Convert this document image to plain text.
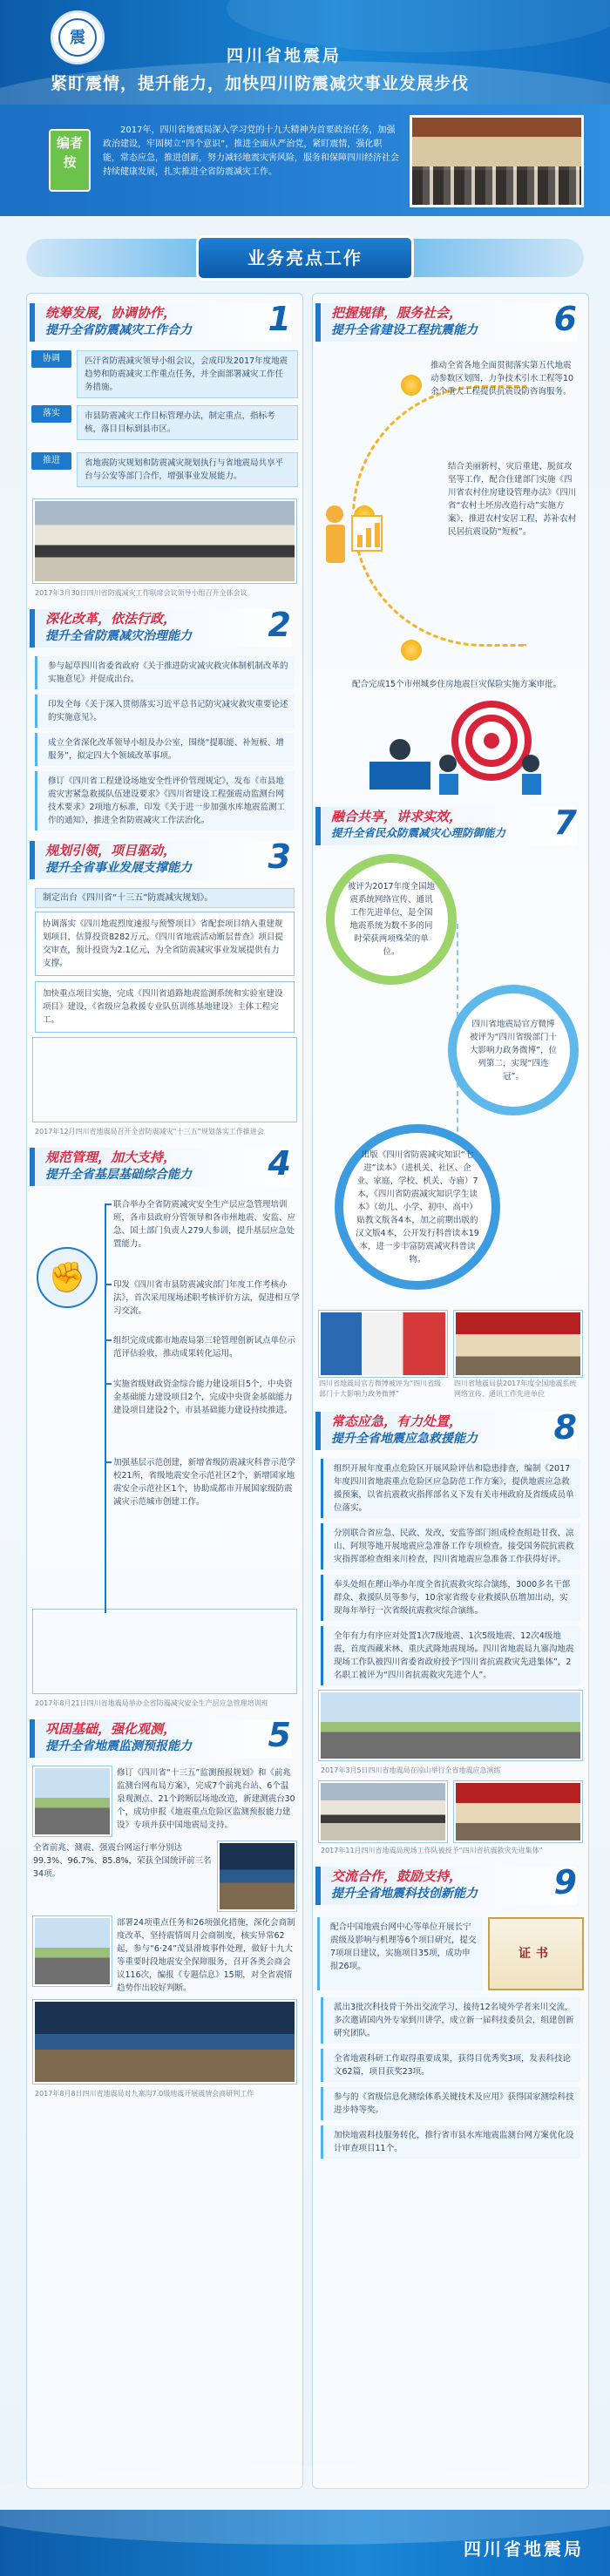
震
四川省地震局
紧盯震情，提升能力，加快四川防震减灾事业发展步伐
编者按
2017年，四川省地震局深入学习党的十九大精神为首要政治任务，加强政治建设，牢固树立“四个意识”，推进全面从严治党，紧盯震情，强化职能，常态应急，推进创新，努力减轻地震灾害风险，服务和保障四川经济社会持续健康发展，扎实推进全省防震减灾工作。
业务亮点工作
统筹发展，协调协作，
提升全省防震减灾工作合力 1
协调	匹汗省防震减灾领导小组会议，会成印发2017年度地震趋势和防震减灾工作重点任务，并全面部署减灾工作任务措施。
落实	市县防震减灾工作目标管理办法，制定重点，指标考核，落目目标到县市区。
推进	省地震防灾规划和防震减灾规划执行与省地震局共享平台与公安等部门合作，增强事业发展能力。
2017年3月30日四川省防震减灾工作联席会议领导小组召开全体会议
深化改革，依法行政，
提升全省防震减灾治理能力 2
参与起草四川省委省政府《关于推进防灾减灾救灾体制机制改革的实施意见》并促成出台。
印发全每《关于深入贯彻落实习近平总书记防灾减灾救灾重要论述的实施意见》。
成立全省深化改革领导小组及办公室，围绕“提职能、补短板、增服务”，拟定四大个领域改革事项。
修订《四川省工程建设场地安全性评价管理规定》，发布《市县地震灾害紧急救援队伍建设要求》《四川省建设工程强震动监测台网技术要求》2项地方标准，印发《关于进一步加强水库地震监测工作的通知》，推进全省防震减灾工作法治化。
规划引领，项目驱动，
提升全省事业发展支撑能力 3
制定出台《四川省“十三五”防震减灾规划》。
协调落实《四川地震烈度速报与预警项目》省配套项目纳入重建规划项目，估算投资8282万元，《四川省地震活动断层普查》项目提交审查，预计投资为2.1亿元，为全省防震减灾事业发展提供有力支撑。
加快重点项目实施，完成《四川省道路地震监测系统和实验室建设项目》建设，《省级应急救援专业队伍训练基地建设》主体工程完工。
2017年12月四川省地震局召开全省防震减灾“十三五”规划落实工作推进会
规范管理，加大支持，
提升全省基层基础综合能力 4
✊
联合举办全省防震减灾安全生产层应急管理培训班，各市县政府分管领导和各市州地震、安监、应急、国土部门负责人279人参训，提升基层应急处置能力。
印发《四川省市县防震减灾部门年度工作考核办法》，首次采用现场述职考核评价方法，促进相互学习交流。
组织完成成都市地震局第三轮管理创新试点单位示范评估验收，推动成果转化运用。
实施省级财政资金综合能力建设项目5个，中央资金基础能力建设项目2个，完成中央资金基础能力建设项目建设2个，市县基础能力建设持续推进。
加强基层示范创建，新增省级防震减灾科普示范学校21所，省级地震安全示范社区2个，新增国家地震安全示范社区1个，协助成都市开展国家级防震减灾示范城市创建工作。
2017年8月21日四川省地震局举办全省防震减灾安全生产层应急管理培训班
巩固基础，强化观测，
提升全省地震监测预报能力 5
修订《四川省“十三五”监测预报规划》和《前兆监测台网布局方案》，完成7个前兆台站、6个温泉观测点、21个跨断层场地改造，新建测震台30个，成功申报《地震重点危险区监测预报能力建设》专项并获中国地震局支持。
全省前兆、测震、强震台网运行率分别达99.3%、96.7%、85.8%，荣获全国统评前三名34项。
部署24项重点任务和26项强化措施，深化会商制度改革，坚持震情周月会商制度，核实异常62起，参与“6·24”茂县滑坡事件处理，做好十九大等重要时段地震安全保障服务，召开各类会商会议116次，编报《专题信息》15期，对全省震情趋势作出较好判断。
2017年8月8日四川省地震局对九寨沟7.0级地震开展震情会商研判工作
把握规律，服务社会，
提升全省建设工程抗震能力 6
推动全省各地全面贯彻落实第五代地震动参数区划图，力争技术引水工程等10余个重大工程提供抗震设防咨询服务。
结合美丽新村、灾后重建、脱贫攻坚等工作，配合住建部门实施《四川省农村住房建设管理办法》《四川省“农村土坯房改造行动”实施方案》，推进农村安居工程，苏补农村民居抗震设防“短板”。
配合完成15个市州城乡住房地震巨灾保险实施方案审批。
融合共享，讲求实效，
提升全省民众防震减灾心理防御能力 7
被评为2017年度全国地震系统网络宣传、通讯工作先进单位，是全国地震系统为数不多的同时荣获两项殊荣的单位。
四川省地震局官方微博被评为“四川省级部门十大影响力政务微博”，位列第二，实现“四连冠”。
出版《四川省防震减灾知识“七进”读本》（进机关、社区、企业、家庭、学校、机关、寺庙）7本，《四川省防震减灾知识学生读本》（幼儿、小学、初中、高中）贴教文版各4本，加之前期出版的汉文版4本，公开发行科普读本19本，进一步丰富防震减灾科普读物。
四川省地震局官方微博被评为“四川省级部门十大影响力政务微博”
四川省地震局获2017年度全国地震系统网络宣传、通讯工作先进单位
常态应急，有力处置，
提升全省地震应急救援能力 8
组织开展年度重点危险区开展风险评估和隐患排查，编制《2017年度四川省地震重点危险区应急防范工作方案》，提供地震应急救援预案，以省抗震救灾指挥部名义下发有关市州政府及省级成员单位落实。
分别联合省应急、民政、发改、安监等部门组成检查组赴甘孜、凉山、阿坝等地开展地震应急准备工作专项检查。接受国务院抗震救灾指挥部检查组来川检查，四川省地震应急准备工作获得好评。
奉头处组在理山举办年度全省抗震救灾综合演练，3000多名干部群众、救援队员等参与，10余家省级专业救援队伍增加出动，实现每年举行一次省级抗震救灾综合演练。
全年有力有序应对处置1次7级地震、1次5级地震、12次4级地震，首度西藏米林、重庆武隆地震现场。四川省地震局九寨沟地震现场工作队被四川省委省政府授予“四川省抗震救灾先进集体”，2名职工被评为“四川省抗震救灾先进个人”。
2017年3月5日四川省地震局在凉山举行全省地震应急演练
2017年11月四川省地震局现场工作队被授予“四川省抗震救灾先进集体”
交流合作，鼓励支持，
提升全省地震科技创新能力 9
配合中国地震台网中心等单位开展长宁震级及影响与机理等6个项目研究，提交7项项目建议，实施项目35项，成功申报26项。
证书
派出3批次科技骨干外出交流学习，接待12名境外学者来川交流，多次邀请国内外专家到川讲学，成立新一届科技委员会，组建创新研究团队。
全省地震科研工作取得重要成果，获得目优秀奖3项，发表科技论文62篇，项目获奖23项。
参与的《省级信息化测绘体系关键技术及应用》获得国家测绘科技进步特等奖。
加快地震科技服务转化，推行省市县水库地震监测台网方案优化设计审查项目11个。
四川省地震局
